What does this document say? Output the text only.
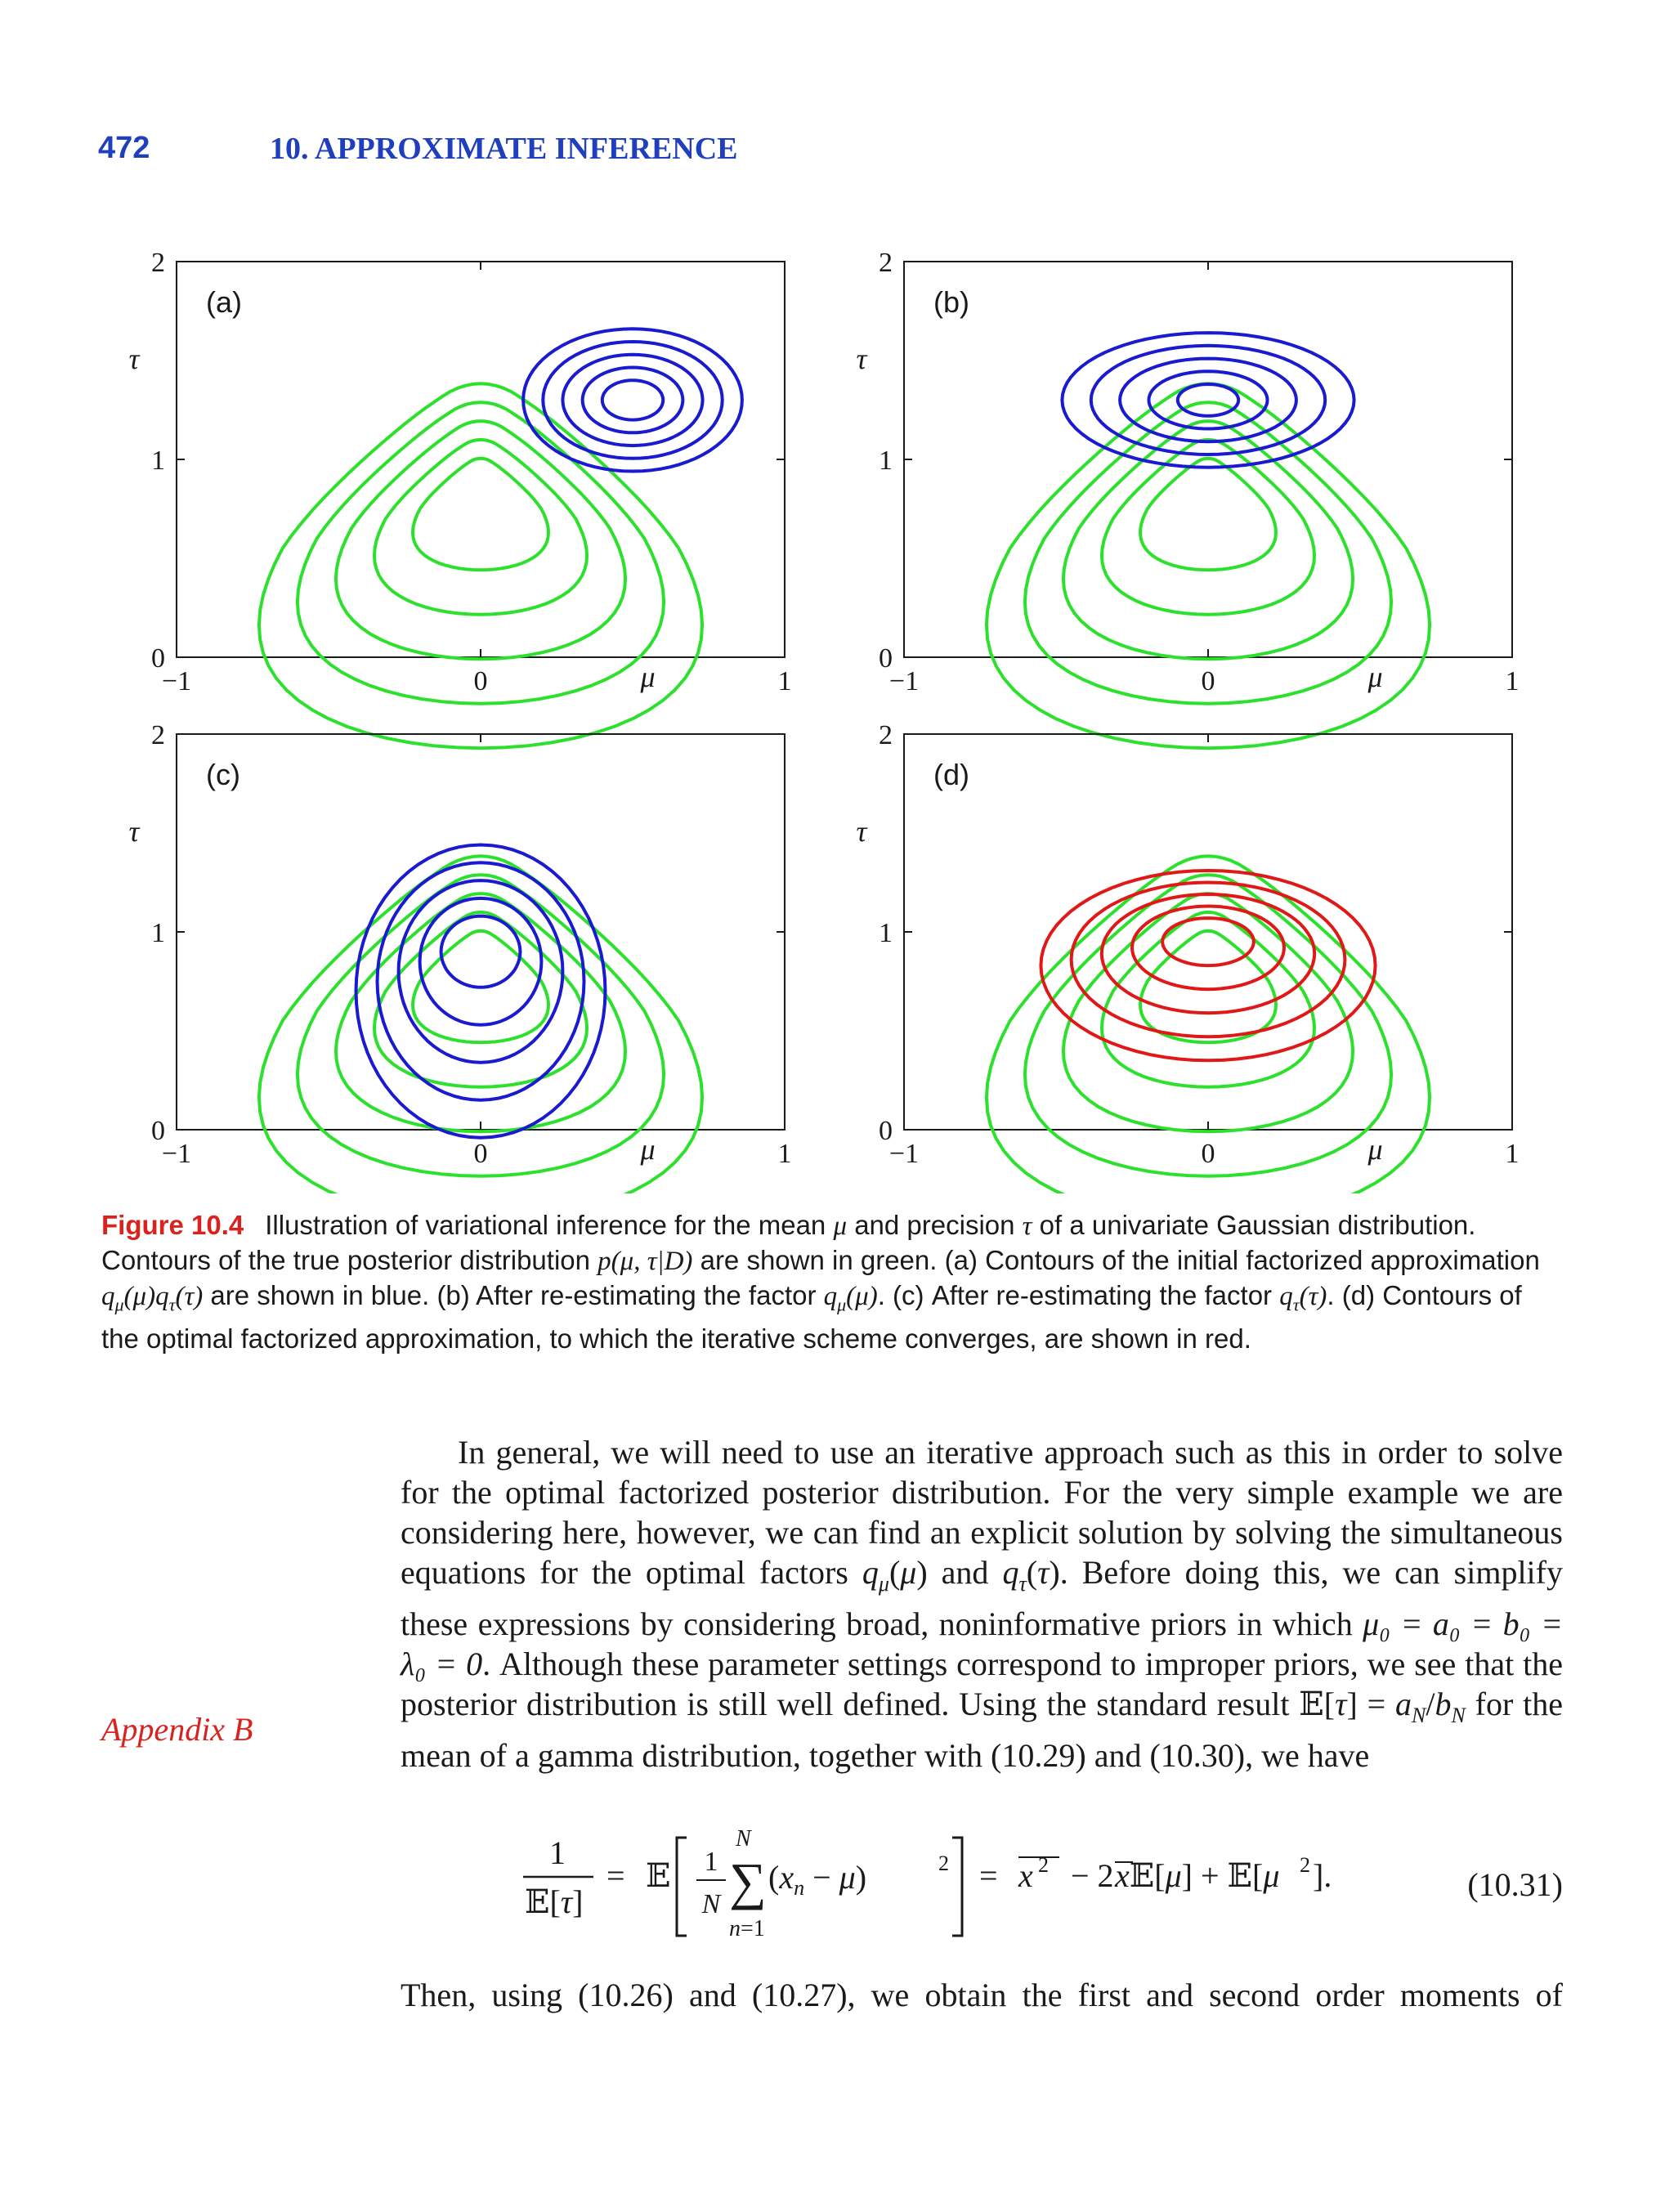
472	10. APPROXIMATE INFERENCE
−1	0	1
0
1
2
μ
τ
(a)
−1	0	1
0
1
2
μ
τ
(b)
−1	0	1
0
1
2
μ
τ
(c)
−1	0	1
0
1
2
μ
τ
(d)
Figure 10.4 Illustration of variational inference for the mean μ and precision τ of a univariate Gaussian distribution. Contours of the true posterior distribution p(μ, τ|D) are shown in green. (a) Contours of the initial factorized approximation $q_\mu(\mu)q_\tau(\tau)$ are shown in blue. (b) After re-estimating the factor $q_\mu(\mu)$. (c) After re-estimating the factor $q_\tau(\tau)$. (d) Contours of the optimal factorized approximation, to which the iterative scheme converges, are shown in red.
Appendix B

In general, we will need to use an iterative approach such as this in order to solve for the optimal factorized posterior distribution. For the very simple example we are considering here, however, we can find an explicit solution by solving the simultaneous equations for the optimal factors $q_\mu(\mu)$ and $q_\tau(\tau)$. Before doing this, we can simplify these expressions by considering broad, noninformative priors in which μ₀ = a₀ = b₀ = λ₀ = 0. Although these parameter settings correspond to improper priors, we see that the posterior distribution is still well defined. Using the standard result 𝔼[τ] = $a_N/b_N$ for the mean of a gamma distribution, together with (10.29) and (10.30), we have

1
𝔼[τ]
= 𝔼 1
N
N
∑
n=1
$(x_n - \mu)$	2 = x 2 − 2 x𝔼[μ] + 𝔼[μ 2 ].	(10.31)
Then, using (10.26) and (10.27), we obtain the first and second order moments of
